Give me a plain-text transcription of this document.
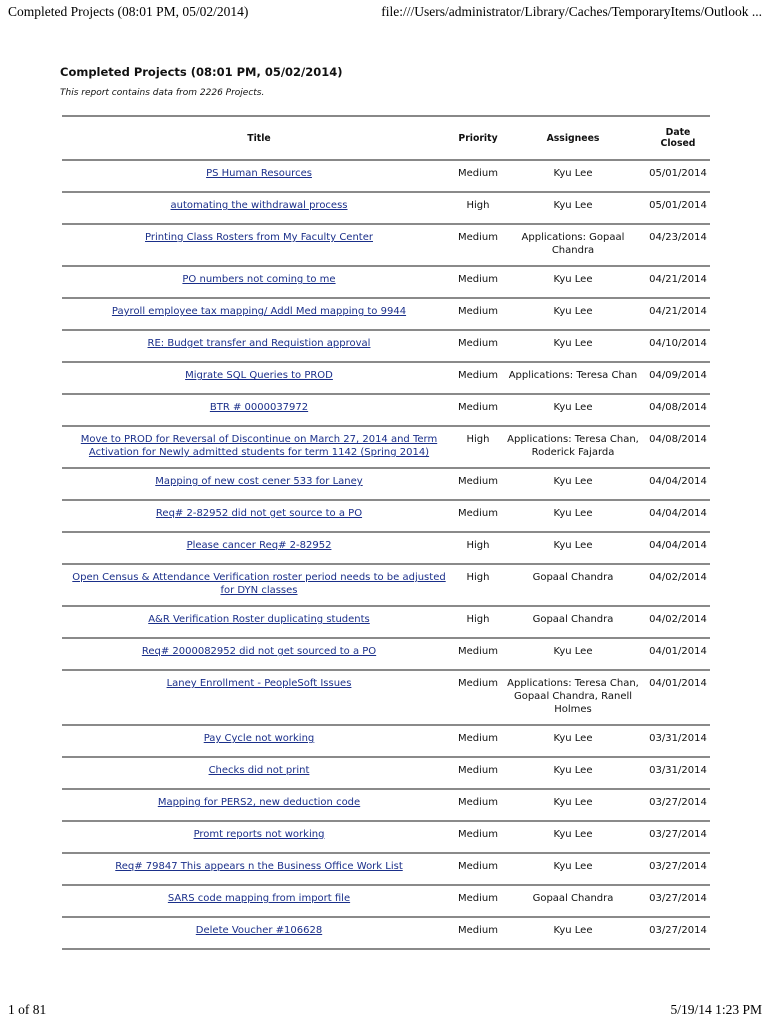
Completed Projects (08:01 PM, 05/02/2014)	file:///Users/administrator/Library/Caches/TemporaryItems/Outlook ...
Completed Projects (08:01 PM, 05/02/2014)
This report contains data from 2226 Projects.
Title	Priority	Assignees	Date
Closed
PS Human Resources	Medium	Kyu Lee	05/01/2014
automating the withdrawal process	High	Kyu Lee	05/01/2014
Printing Class Rosters from My Faculty Center	Medium	Applications: Gopaal Chandra	04/23/2014
PO numbers not coming to me	Medium	Kyu Lee	04/21/2014
Payroll employee tax mapping/ Addl Med mapping to 9944	Medium	Kyu Lee	04/21/2014
RE: Budget transfer and Requistion approval	Medium	Kyu Lee	04/10/2014
Migrate SQL Queries to PROD	Medium	Applications: Teresa Chan	04/09/2014
BTR # 0000037972	Medium	Kyu Lee	04/08/2014
Move to PROD for Reversal of Discontinue on March 27, 2014 and Term Activation for Newly admitted students for term 1142 (Spring 2014)	High	Applications: Teresa Chan, Roderick Fajarda	04/08/2014
Mapping of new cost cener 533 for Laney	Medium	Kyu Lee	04/04/2014
Req# 2-82952 did not get source to a PO	Medium	Kyu Lee	04/04/2014
Please cancer Req# 2-82952	High	Kyu Lee	04/04/2014
Open Census & Attendance Verification roster period needs to be adjusted for DYN classes	High	Gopaal Chandra	04/02/2014
A&R Verification Roster duplicating students	High	Gopaal Chandra	04/02/2014
Req# 2000082952 did not get sourced to a PO	Medium	Kyu Lee	04/01/2014
Laney Enrollment - PeopleSoft Issues	Medium	Applications: Teresa Chan, Gopaal Chandra, Ranell Holmes	04/01/2014
Pay Cycle not working	Medium	Kyu Lee	03/31/2014
Checks did not print	Medium	Kyu Lee	03/31/2014
Mapping for PERS2, new deduction code	Medium	Kyu Lee	03/27/2014
Promt reports not working	Medium	Kyu Lee	03/27/2014
Req# 79847 This appears n the Business Office Work List	Medium	Kyu Lee	03/27/2014
SARS code mapping from import file	Medium	Gopaal Chandra	03/27/2014
Delete Voucher #106628	Medium	Kyu Lee	03/27/2014
1 of 81	5/19/14 1:23 PM
